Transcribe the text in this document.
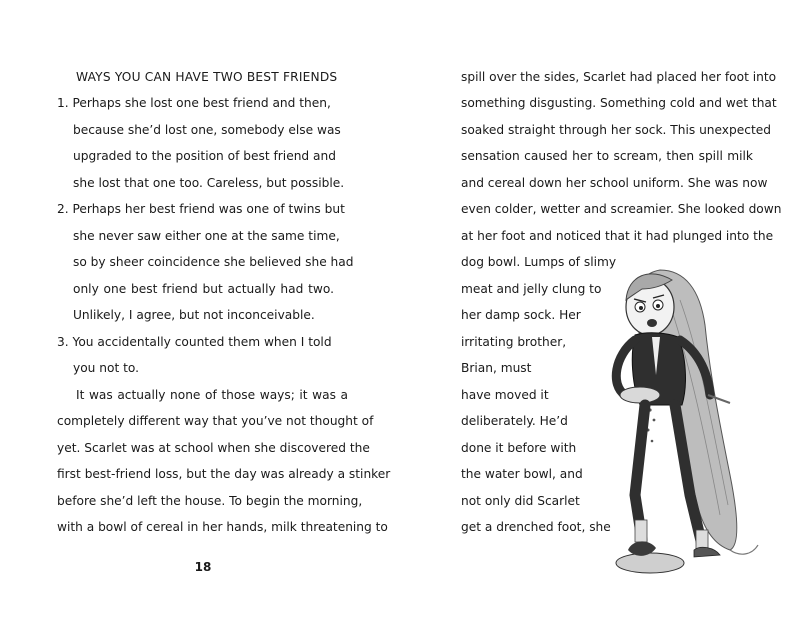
WAYS YOU CAN HAVE TWO BEST FRIENDS
1. Perhaps she lost one best friend and then,
because she’d lost one, somebody else was
upgraded to the position of best friend and
she lost that one too. Careless, but possible.
2. Perhaps her best friend was one of twins but
she never saw either one at the same time,
so by sheer coincidence she believed she had
only one best friend but actually had two.
Unlikely, I agree, but not inconceivable.
3. You accidentally counted them when I told
you not to.
It was actually none of those ways; it was a
completely different way that you’ve not thought of
yet. Scarlet was at school when she discovered the
first best-friend loss, but the day was already a stinker
before she’d left the house. To begin the morning,
with a bowl of cereal in her hands, milk threatening to
18
spill over the sides, Scarlet had placed her foot into
something disgusting. Something cold and wet that
soaked straight through her sock. This unexpected
sensation caused her to scream, then spill milk
and cereal down her school uniform. She was now
even colder, wetter and screamier. She looked down
at her foot and noticed that it had plunged into the
dog bowl. Lumps of slimy
meat and jelly clung to
her damp sock. Her
irritating brother,
Brian, must
have moved it
deliberately. He’d
done it before with
the water bowl, and
not only did Scarlet
get a drenched foot, she
